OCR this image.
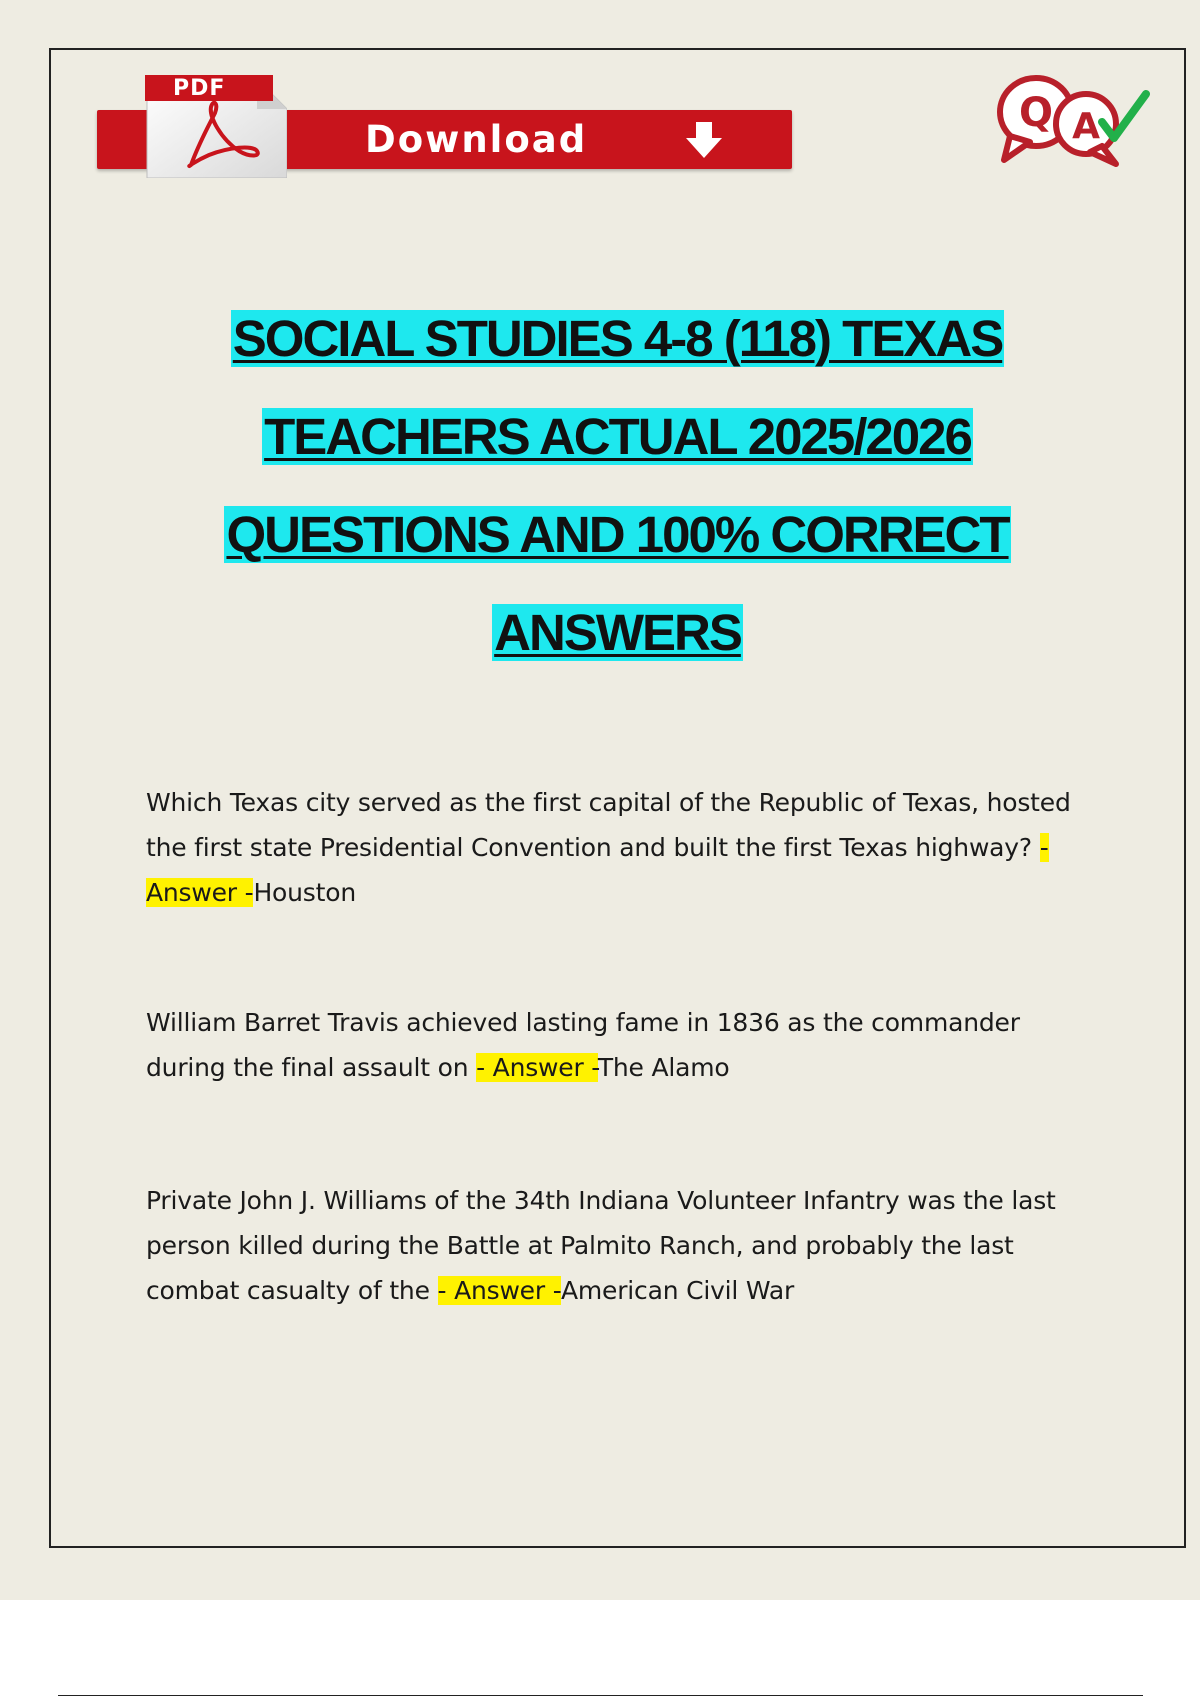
Download
PDF
Q A
SOCIAL STUDIES 4-8 (118) TEXAS
TEACHERS ACTUAL 2025/2026
QUESTIONS AND 100% CORRECT
ANSWERS

Which Texas city served as the first capital of the Republic of Texas, hosted the first state Presidential Convention and built the first Texas highway? - Answer -Houston

William Barret Travis achieved lasting fame in 1836 as the commander during the final assault on - Answer -The Alamo

Private John J. Williams of the 34th Indiana Volunteer Infantry was the last person killed during the Battle at Palmito Ranch, and probably the last combat casualty of the - Answer -American Civil War
